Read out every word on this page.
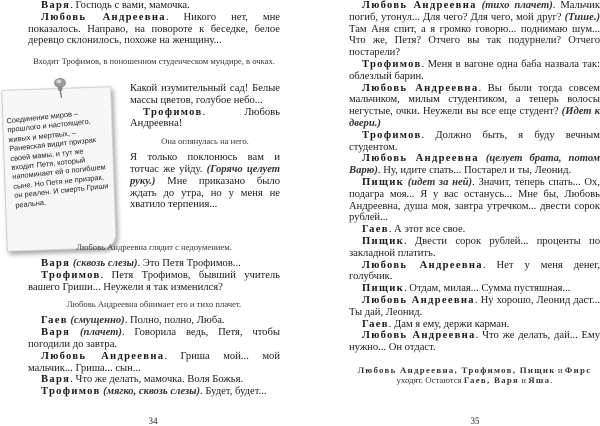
Варя. Господь с вами, мамочка.

Любовь Андреевна. Никого нет, мне показалось. Направо, на повороте к беседке, белое деревцо склонилось, похоже на женщину...

Входит Трофимов, в поношенном студенческом мундире, в очках.
Соединение миров – прошлого и настоящего, живых и мертвых, – Раневская видит призрак своей мамы, и тут же входит Петя, который напоминает ей о погибшем сыне. Но Петя не призрак, он реален. И смерть Гриши реальна.

Какой изумительный сад! Белые массы цветов, голубое небо...

Трофимов. Любовь Андреевна!

Она оглянулась на него.

Я только поклонюсь вам и тотчас же уйду. (Горячо целует руку.) Мне приказано было ждать до утра, но у меня не хватило терпения...

Любовь Андреевна глядит с недоумением.

Варя (сквозь слезы). Это Петя Трофимов...

Трофимов. Петя Трофимов, бывший учитель вашего Гриши... Неужели я так изменился?

Любовь Андреевна обнимает его и тихо плачет.

Гаев (смущенно). Полно, полно, Люба.

Варя (плачет). Говорила ведь, Петя, чтобы погодили до завтра.

Любовь Андреевна. Гриша мой... мой мальчик... Гриша... сын...

Варя. Что же делать, мамочка. Воля Божья.

Трофимов (мягко, сквозь слезы). Будет, будет...

34

Любовь Андреевна (тихо плачет). Мальчик погиб, утонул... Для чего? Для чего, мой друг? (Тише.) Там Аня спит, а я громко говорю... поднимаю шум... Что же, Петя? Отчего вы так подурнели? Отчего постарели?

Трофимов. Меня в вагоне одна баба назвала так: облезлый барин.

Любовь Андреевна. Вы были тогда совсем мальчиком, милым студентиком, а теперь волосы негустые, очки. Неужели вы все еще студент? (Идет к двери.)

Трофимов. Должно быть, я буду вечным студентом.

Любовь Андреевна (целует брата, потом Варю). Ну, идите спать... Постарел и ты, Леонид.

Пищик (идет за ней). Значит, теперь спать... Ох, подагра моя... Я у вас останусь... Мне бы, Любовь Андреевна, душа моя, завтра утречком... двести сорок рублей...

Гаев. А этот все свое.

Пищик. Двести сорок рублей... проценты по закладной платить.

Любовь Андреевна. Нет у меня денег, голубчик.

Пищик. Отдам, милая... Сумма пустяшная...

Любовь Андреевна. Ну хорошо, Леонид даст... Ты дай, Леонид.

Гаев. Дам я ему, держи карман.

Любовь Андреевна. Что же делать, дай... Ему нужно... Он отдаст.

Любовь Андреевна, Трофимов, Пищик и Фирс уходят. Остаются Гаев, Варя и Яша.
35
